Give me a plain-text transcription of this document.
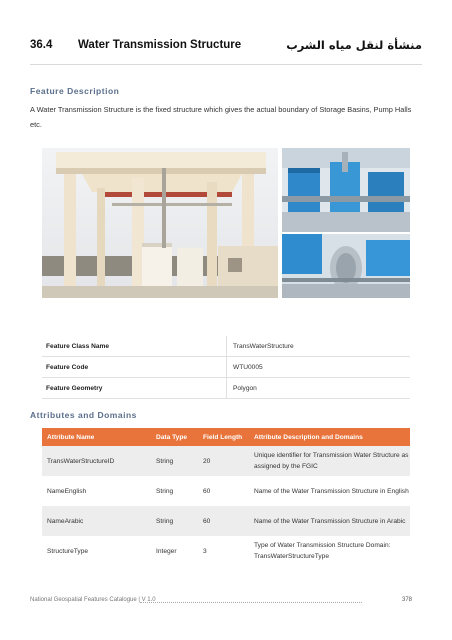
36.4 Water Transmission Structure	منشأة لنقل مياه الشرب
Feature Description
A Water Transmission Structure is the fixed structure which gives the actual boundary of Storage Basins, Pump Halls etc.
Feature Class Name	TransWaterStructure
Feature Code	WTU0005
Feature Geometry	Polygon
Attributes and Domains
Attribute Name	Data Type	Field Length	Attribute Description and Domains
TransWaterStructureID	String	20	Unique identifier for Transmission Water Structure as assigned by the FGIC
NameEnglish	String	60	Name of the Water Transmission Structure in English
NameArabic	String	60	Name of the Water Transmission Structure in Arabic
StructureType	Integer	3	Type of Water Transmission Structure Domain: TransWaterStructureType
National Geospatial Features Catalogue | V 1.0	378
